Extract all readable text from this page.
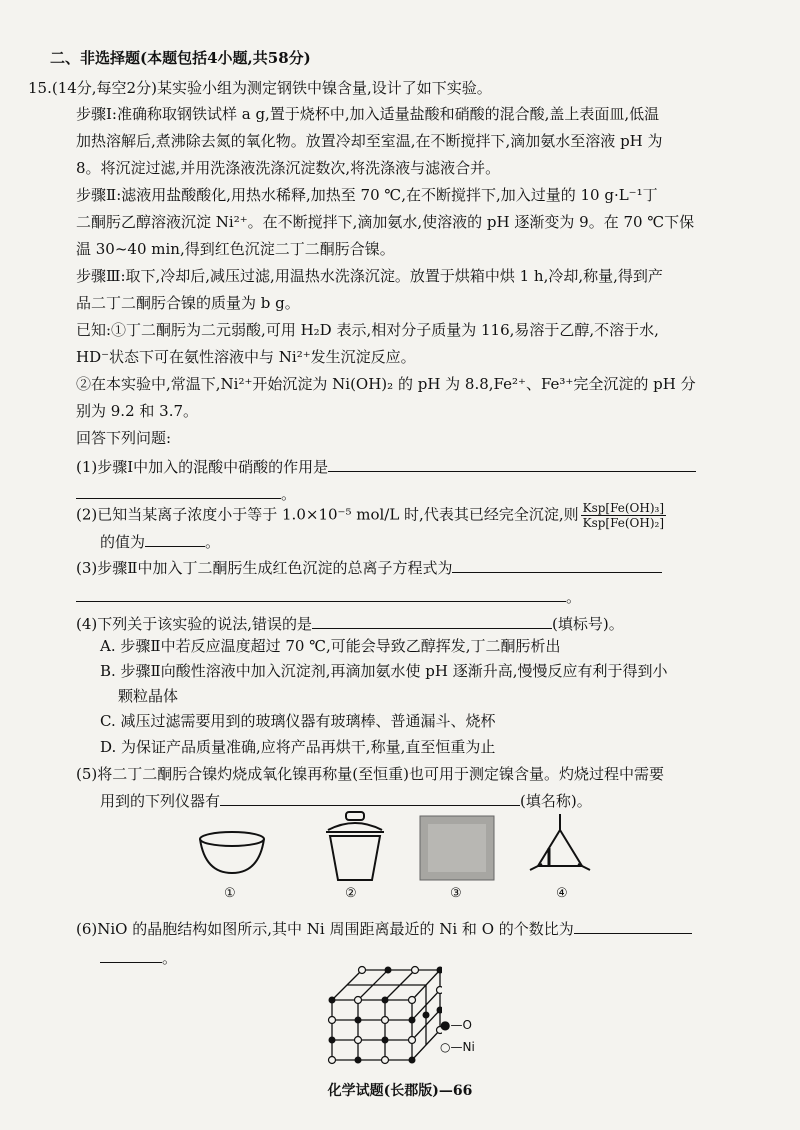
二、非选择题(本题包括4小题,共58分)
15.(14分,每空2分)某实验小组为测定钢铁中镍含量,设计了如下实验。
步骤Ⅰ:准确称取钢铁试样 a g,置于烧杯中,加入适量盐酸和硝酸的混合酸,盖上表面皿,低温
加热溶解后,煮沸除去氮的氧化物。放置冷却至室温,在不断搅拌下,滴加氨水至溶液 pH 为
8。将沉淀过滤,并用洗涤液洗涤沉淀数次,将洗涤液与滤液合并。
步骤Ⅱ:滤液用盐酸酸化,用热水稀释,加热至 70 ℃,在不断搅拌下,加入过量的 10 g·L⁻¹丁
二酮肟乙醇溶液沉淀 Ni²⁺。在不断搅拌下,滴加氨水,使溶液的 pH 逐渐变为 9。在 70 ℃下保
温 30~40 min,得到红色沉淀二丁二酮肟合镍。
步骤Ⅲ:取下,冷却后,减压过滤,用温热水洗涤沉淀。放置于烘箱中烘 1 h,冷却,称量,得到产
品二丁二酮肟合镍的质量为 b g。
已知:①丁二酮肟为二元弱酸,可用 H₂D 表示,相对分子质量为 116,易溶于乙醇,不溶于水,
HD⁻状态下可在氨性溶液中与 Ni²⁺发生沉淀反应。
②在本实验中,常温下,Ni²⁺开始沉淀为 Ni(OH)₂ 的 pH 为 8.8,Fe²⁺、Fe³⁺完全沉淀的 pH 分
别为 9.2 和 3.7。
回答下列问题:
(1)步骤Ⅰ中加入的混酸中硝酸的作用是
。
(2)已知当某离子浓度小于等于 1.0×10⁻⁵ mol/L 时,代表其已经完全沉淀,则 $\frac{\text{Ksp[Fe(OH)₃]}}{\text{Ksp[Fe(OH)₂]}}$
的值为	。
(3)步骤Ⅱ中加入丁二酮肟生成红色沉淀的总离子方程式为
。
(4)下列关于该实验的说法,错误的是	(填标号)。
A. 步骤Ⅱ中若反应温度超过 70 ℃,可能会导致乙醇挥发,丁二酮肟析出
B. 步骤Ⅱ向酸性溶液中加入沉淀剂,再滴加氨水使 pH 逐渐升高,慢慢反应有利于得到小
颗粒晶体
C. 减压过滤需要用到的玻璃仪器有玻璃棒、普通漏斗、烧杯
D. 为保证产品质量准确,应将产品再烘干,称量,直至恒重为止
(5)将二丁二酮肟合镍灼烧成氧化镍再称量(至恒重)也可用于测定镍含量。灼烧过程中需要
用到的下列仪器有	(填名称)。
①	②	③	④
(6)NiO 的晶胞结构如图所示,其中 Ni 周围距离最近的 Ni 和 O 的个数比为
。
●—O
○—Ni
化学试题(长郡版)—66
